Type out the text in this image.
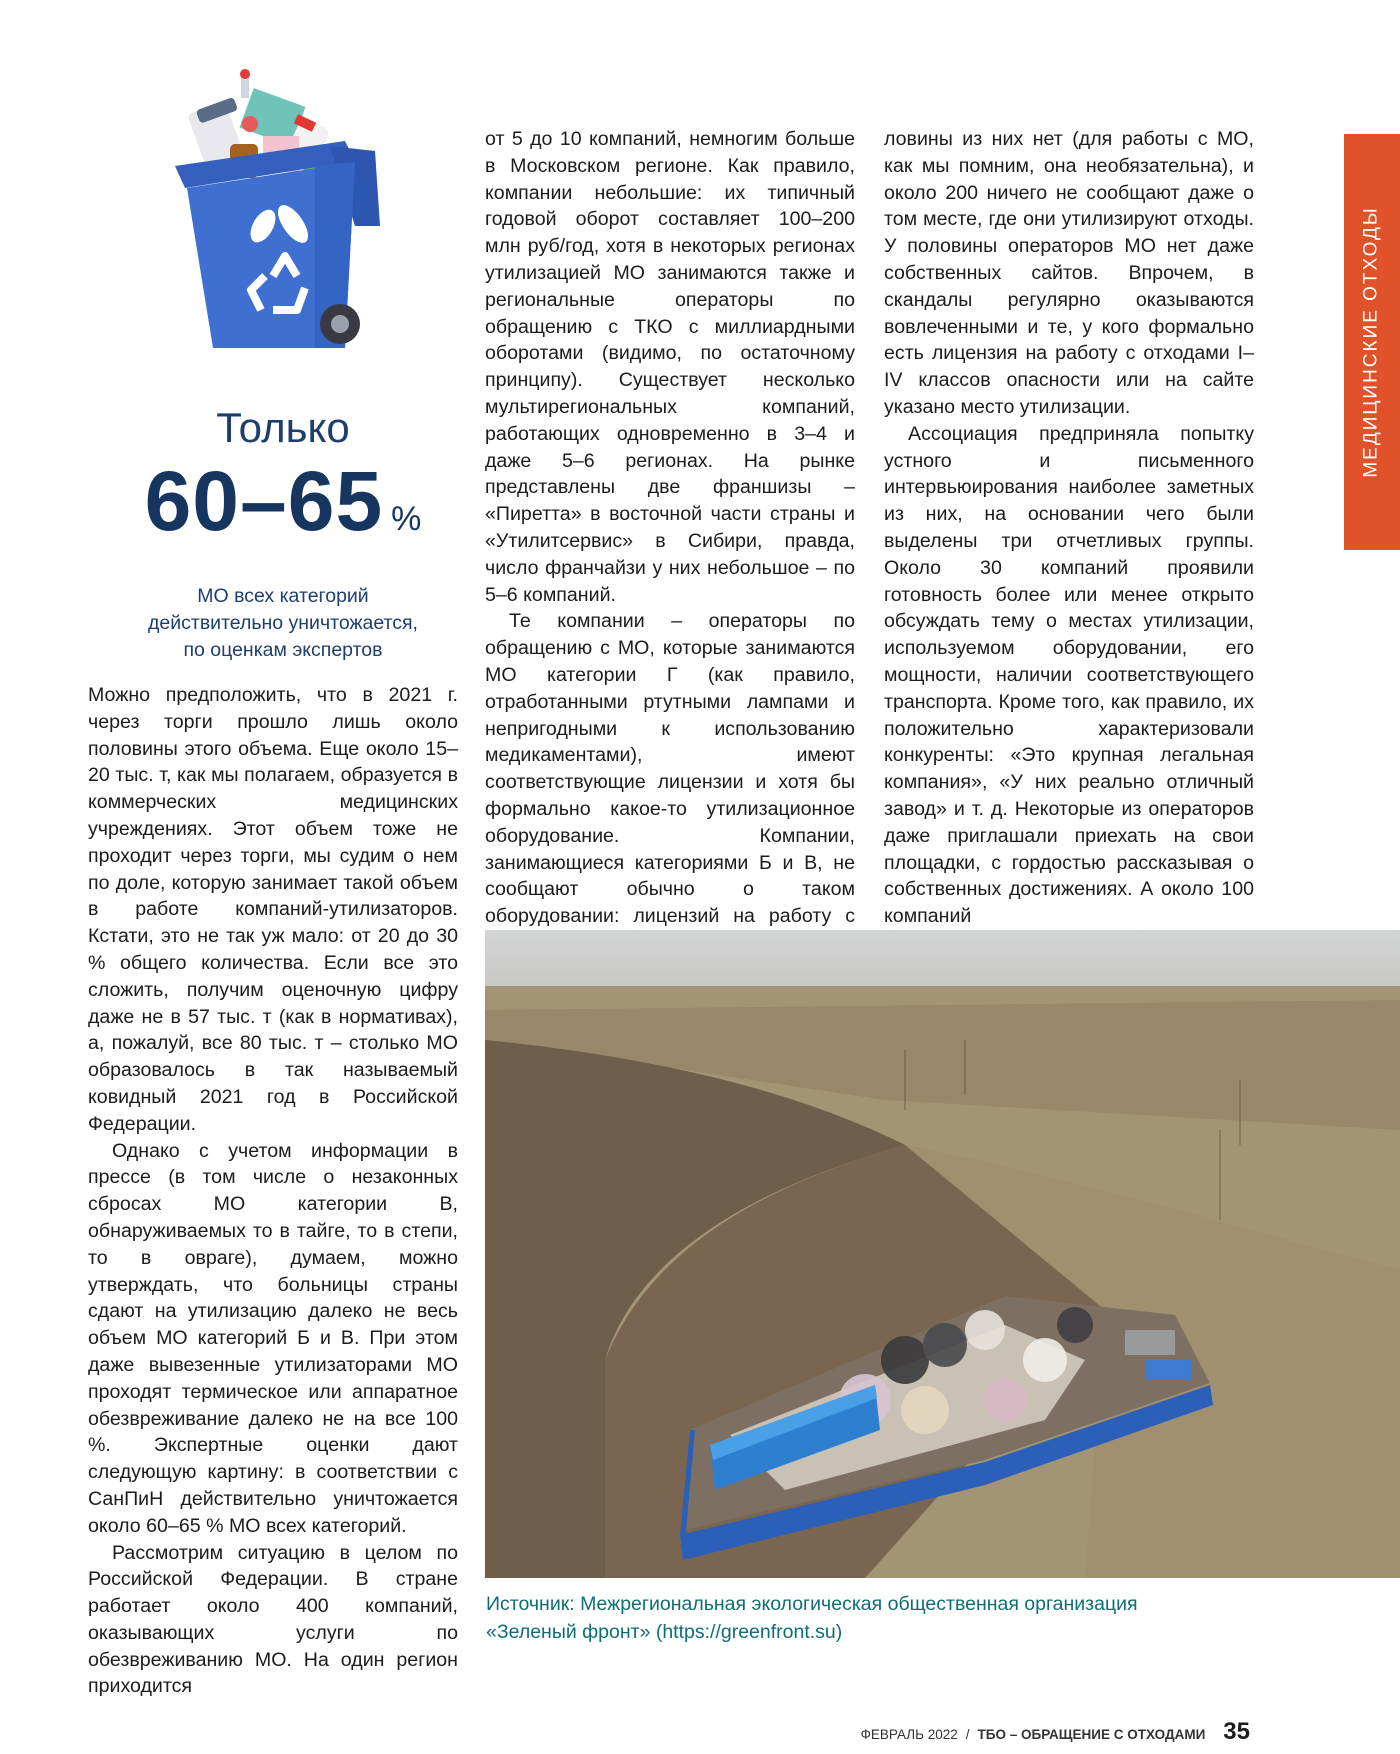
МЕДИЦИНСКИЕ ОТХОДЫ
Только
60–65 %
МО всех категорий
действительно уничтожается,
по оценкам экспертов

Можно предположить, что в 2021 г. через торги прошло лишь около половины этого объема. Еще около 15–20 тыс. т, как мы полагаем, образуется в коммерческих медицинских учреждениях. Этот объем тоже не проходит через торги, мы судим о нем по доле, которую занимает такой объем в работе компаний-утилизаторов. Кстати, это не так уж мало: от 20 до 30 % общего количества. Если все это сложить, получим оценочную цифру даже не в 57 тыс. т (как в нормативах), а, пожалуй, все 80 тыс. т – столько МО образовалось в так называемый ковидный 2021 год в Российской Федерации.

Однако с учетом информации в прессе (в том числе о незаконных сбросах МО категории В, обнаруживаемых то в тайге, то в степи, то в овраге), думаем, можно утверждать, что больницы страны сдают на утилизацию далеко не весь объем МО категорий Б и В. При этом даже вывезенные утилизаторами МО проходят термическое или аппаратное обезвреживание далеко не на все 100 %. Экспертные оценки дают следующую картину: в соответствии с СанПиН действительно уничтожается около 60–65 % МО всех категорий.

Рассмотрим ситуацию в целом по Российской Федерации. В стране работает около 400 компаний, оказывающих услуги по обезвреживанию МО. На один регион приходится

от 5 до 10 компаний, немногим больше в Московском регионе. Как правило, компании небольшие: их типичный годовой оборот составляет 100–200 млн руб/год, хотя в некоторых регионах утилизацией МО занимаются также и региональные операторы по обращению с ТКО с миллиардными оборотами (видимо, по остаточному принципу). Существует несколько мультирегиональных компаний, работающих одновременно в 3–4 и даже 5–6 регионах. На рынке представлены две франшизы – «Пиретта» в восточной части страны и «Утилитсервис» в Сибири, правда, число франчайзи у них небольшое – по 5–6 компаний.

Те компании – операторы по обращению с МО, которые занимаются МО категории Г (как правило, отработанными ртутными лампами и непригодными к использованию медикаментами), имеют соответствующие лицензии и хотя бы формально какое-то утилизационное оборудование. Компании, занимающиеся категориями Б и В, не сообщают обычно о таком оборудовании: лицензий на работу с

ловины из них нет (для работы с МО, как мы помним, она необязательна), и около 200 ничего не сообщают даже о том месте, где они утилизируют отходы. У половины операторов МО нет даже собственных сайтов. Впрочем, в скандалы регулярно оказываются вовлеченными и те, у кого формально есть лицензия на работу с отходами I–IV классов опасности или на сайте указано место утилизации.

Ассоциация предприняла попытку устного и письменного интервьюирования наиболее заметных из них, на основании чего были выделены три отчетливых группы. Около 30 компаний проявили готовность более или менее открыто обсуждать тему о местах утилизации, используемом оборудовании, его мощности, наличии соответствующего транспорта. Кроме того, как правило, их положительно характеризовали конкуренты: «Это крупная легальная компания», «У них реально отличный завод» и т. д. Некоторые из операторов даже приглашали приехать на свои площадки, с гордостью рассказывая о собственных достижениях. А около 100 компаний

Источник: Межрегиональная экологическая общественная организация
«Зеленый фронт» (https://greenfront.su)
ФЕВРАЛЬ 2022 / ТБО – ОБРАЩЕНИЕ С ОТХОДАМИ 35
